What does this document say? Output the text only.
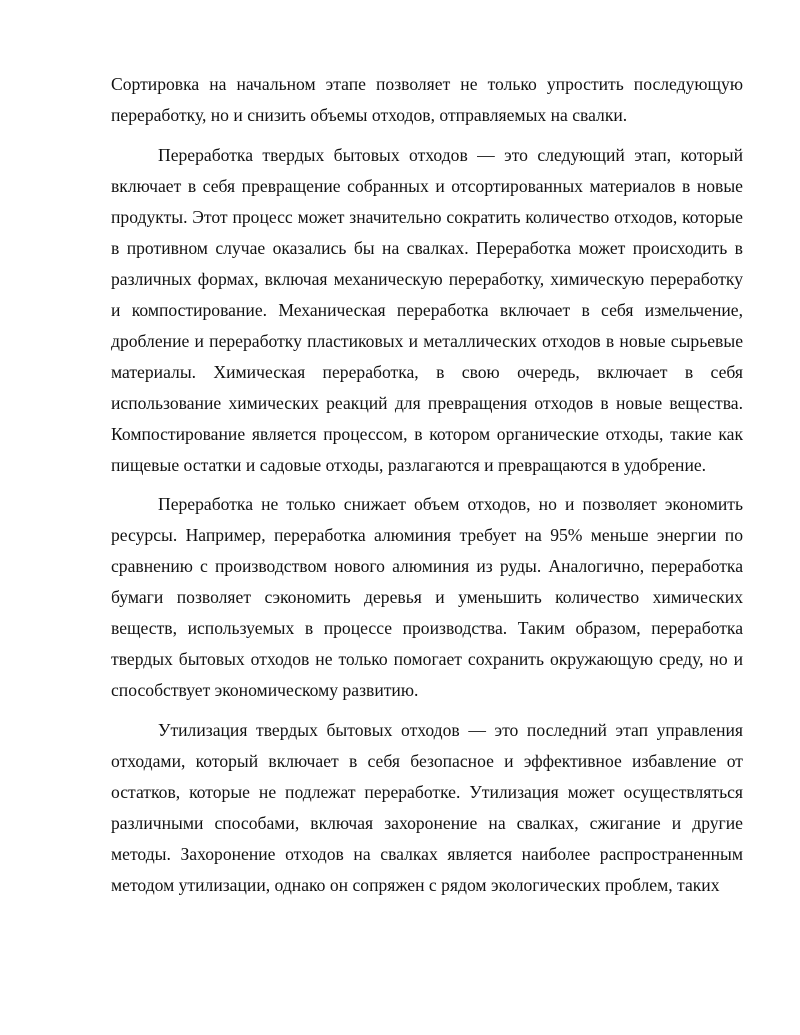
Сортировка на начальном этапе позволяет не только упростить последующую переработку, но и снизить объемы отходов, отправляемых на свалки.

Переработка твердых бытовых отходов — это следующий этап, который включает в себя превращение собранных и отсортированных материалов в новые продукты. Этот процесс может значительно сократить количество отходов, которые в противном случае оказались бы на свалках. Переработка может происходить в различных формах, включая механическую переработку, химическую переработку и компостирование. Механическая переработка включает в себя измельчение, дробление и переработку пластиковых и металлических отходов в новые сырьевые материалы. Химическая переработка, в свою очередь, включает в себя использование химических реакций для превращения отходов в новые вещества. Компостирование является процессом, в котором органические отходы, такие как пищевые остатки и садовые отходы, разлагаются и превращаются в удобрение.

Переработка не только снижает объем отходов, но и позволяет экономить ресурсы. Например, переработка алюминия требует на 95% меньше энергии по сравнению с производством нового алюминия из руды. Аналогично, переработка бумаги позволяет сэкономить деревья и уменьшить количество химических веществ, используемых в процессе производства. Таким образом, переработка твердых бытовых отходов не только помогает сохранить окружающую среду, но и способствует экономическому развитию.

Утилизация твердых бытовых отходов — это последний этап управления отходами, который включает в себя безопасное и эффективное избавление от остатков, которые не подлежат переработке. Утилизация может осуществляться различными способами, включая захоронение на свалках, сжигание и другие методы. Захоронение отходов на свалках является наиболее распространенным методом утилизации, однако он сопряжен с рядом экологических проблем, таких
